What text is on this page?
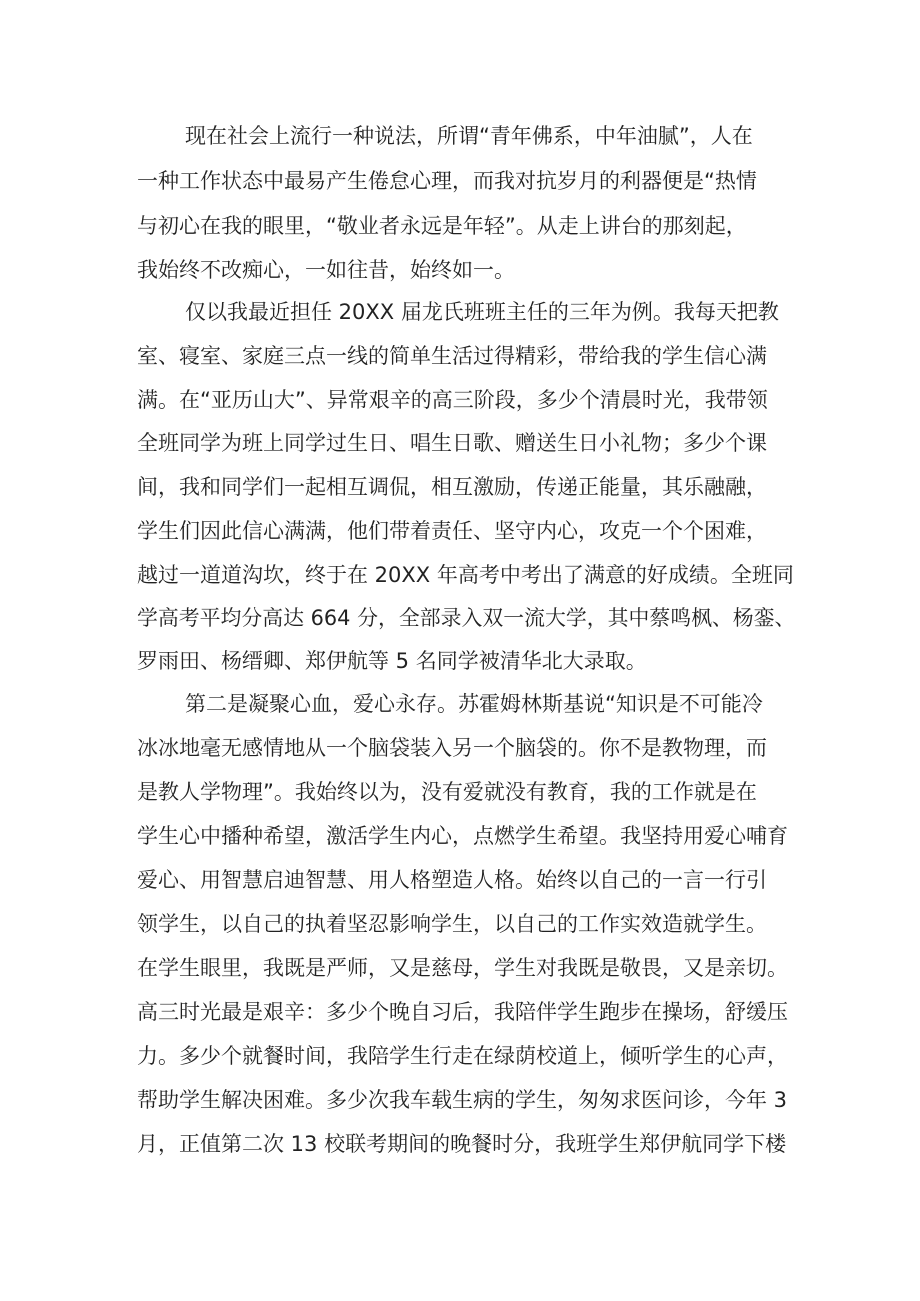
现在社会上流行一种说法，所谓“青年佛系，中年油腻”，人在
一种工作状态中最易产生倦怠心理，而我对抗岁月的利器便是“热情
与初心在我的眼里，“敬业者永远是年轻”。从走上讲台的那刻起，
我始终不改痴心，一如往昔，始终如一。
仅以我最近担任 20XX 届龙氏班班主任的三年为例。我每天把教
室、寝室、家庭三点一线的简单生活过得精彩，带给我的学生信心满
满。在“亚历山大”、异常艰辛的高三阶段，多少个清晨时光，我带领
全班同学为班上同学过生日、唱生日歌、赠送生日小礼物；多少个课
间，我和同学们一起相互调侃，相互激励，传递正能量，其乐融融，
学生们因此信心满满，他们带着责任、坚守内心，攻克一个个困难，
越过一道道沟坎，终于在 20XX 年高考中考出了满意的好成绩。全班同
学高考平均分高达 664 分，全部录入双一流大学，其中蔡鸣枫、杨銮、
罗雨田、杨缙卿、郑伊航等 5 名同学被清华北大录取。
第二是凝聚心血，爱心永存。苏霍姆林斯基说“知识是不可能冷
冰冰地毫无感情地从一个脑袋装入另一个脑袋的。你不是教物理，而
是教人学物理”。我始终以为，没有爱就没有教育，我的工作就是在
学生心中播种希望，激活学生内心，点燃学生希望。我坚持用爱心哺育
爱心、用智慧启迪智慧、用人格塑造人格。始终以自己的一言一行引
领学生，以自己的执着坚忍影响学生，以自己的工作实效造就学生。
在学生眼里，我既是严师，又是慈母，学生对我既是敬畏，又是亲切。
高三时光最是艰辛：多少个晚自习后，我陪伴学生跑步在操场，舒缓压
力。多少个就餐时间，我陪学生行走在绿荫校道上，倾听学生的心声，
帮助学生解决困难。多少次我车载生病的学生，匆匆求医问诊，今年 3
月，正值第二次 13 校联考期间的晚餐时分，我班学生郑伊航同学下楼
